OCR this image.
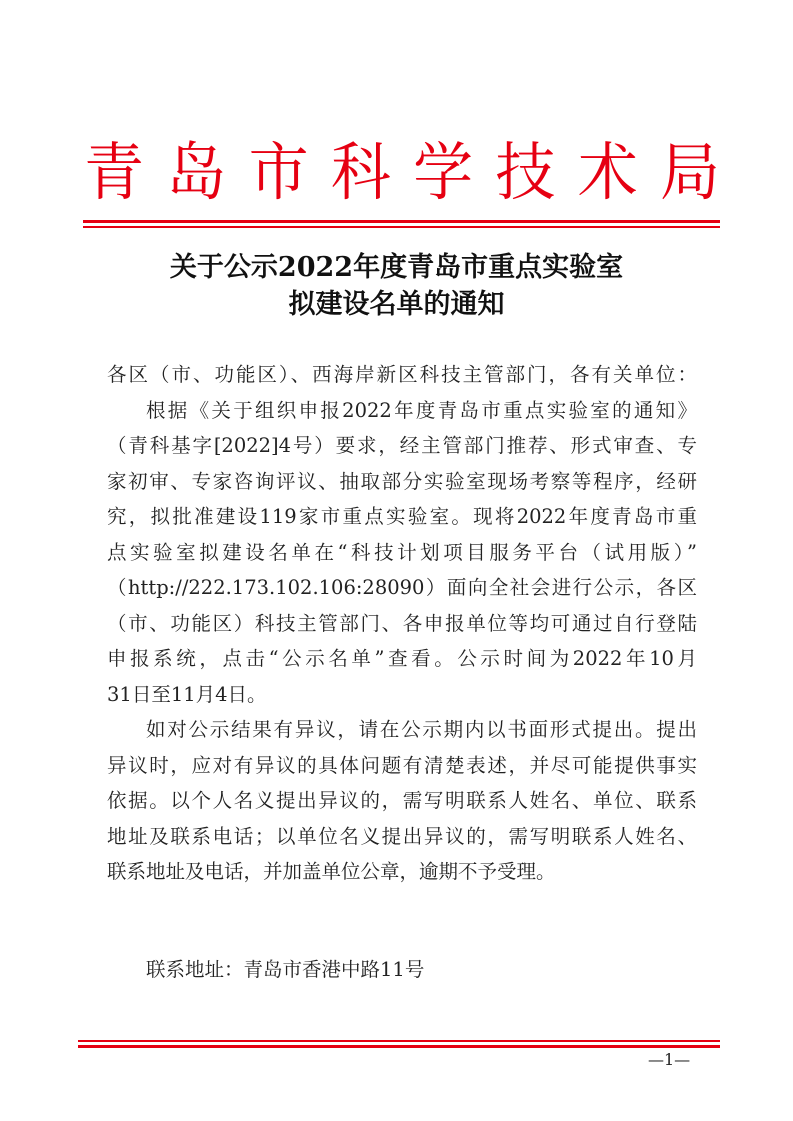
青 岛 市 科 学 技 术 局
关于公示2022年度青岛市重点实验室
拟建设名单的通知
各区（市、功能区）、西海岸新区科技主管部门，各有关单位：
根据《关于组织申报2022年度青岛市重点实验室的通知》
（青科基字[2022]4号）要求，经主管部门推荐、形式审查、专
家初审、专家咨询评议、抽取部分实验室现场考察等程序，经研
究，拟批准建设119家市重点实验室。现将2022年度青岛市重
点实验室拟建设名单在“科技计划项目服务平台（试用版）”
（http://222.173.102.106:28090）面向全社会进行公示，各区
（市、功能区）科技主管部门、各申报单位等均可通过自行登陆
申报系统，点击“公示名单”查看。公示时间为2022年10月
31日至11月4日。
如对公示结果有异议，请在公示期内以书面形式提出。提出
异议时，应对有异议的具体问题有清楚表述，并尽可能提供事实
依据。以个人名义提出异议的，需写明联系人姓名、单位、联系
地址及联系电话；以单位名义提出异议的，需写明联系人姓名、
联系地址及电话，并加盖单位公章，逾期不予受理。
联系地址：青岛市香港中路11号
—1—
